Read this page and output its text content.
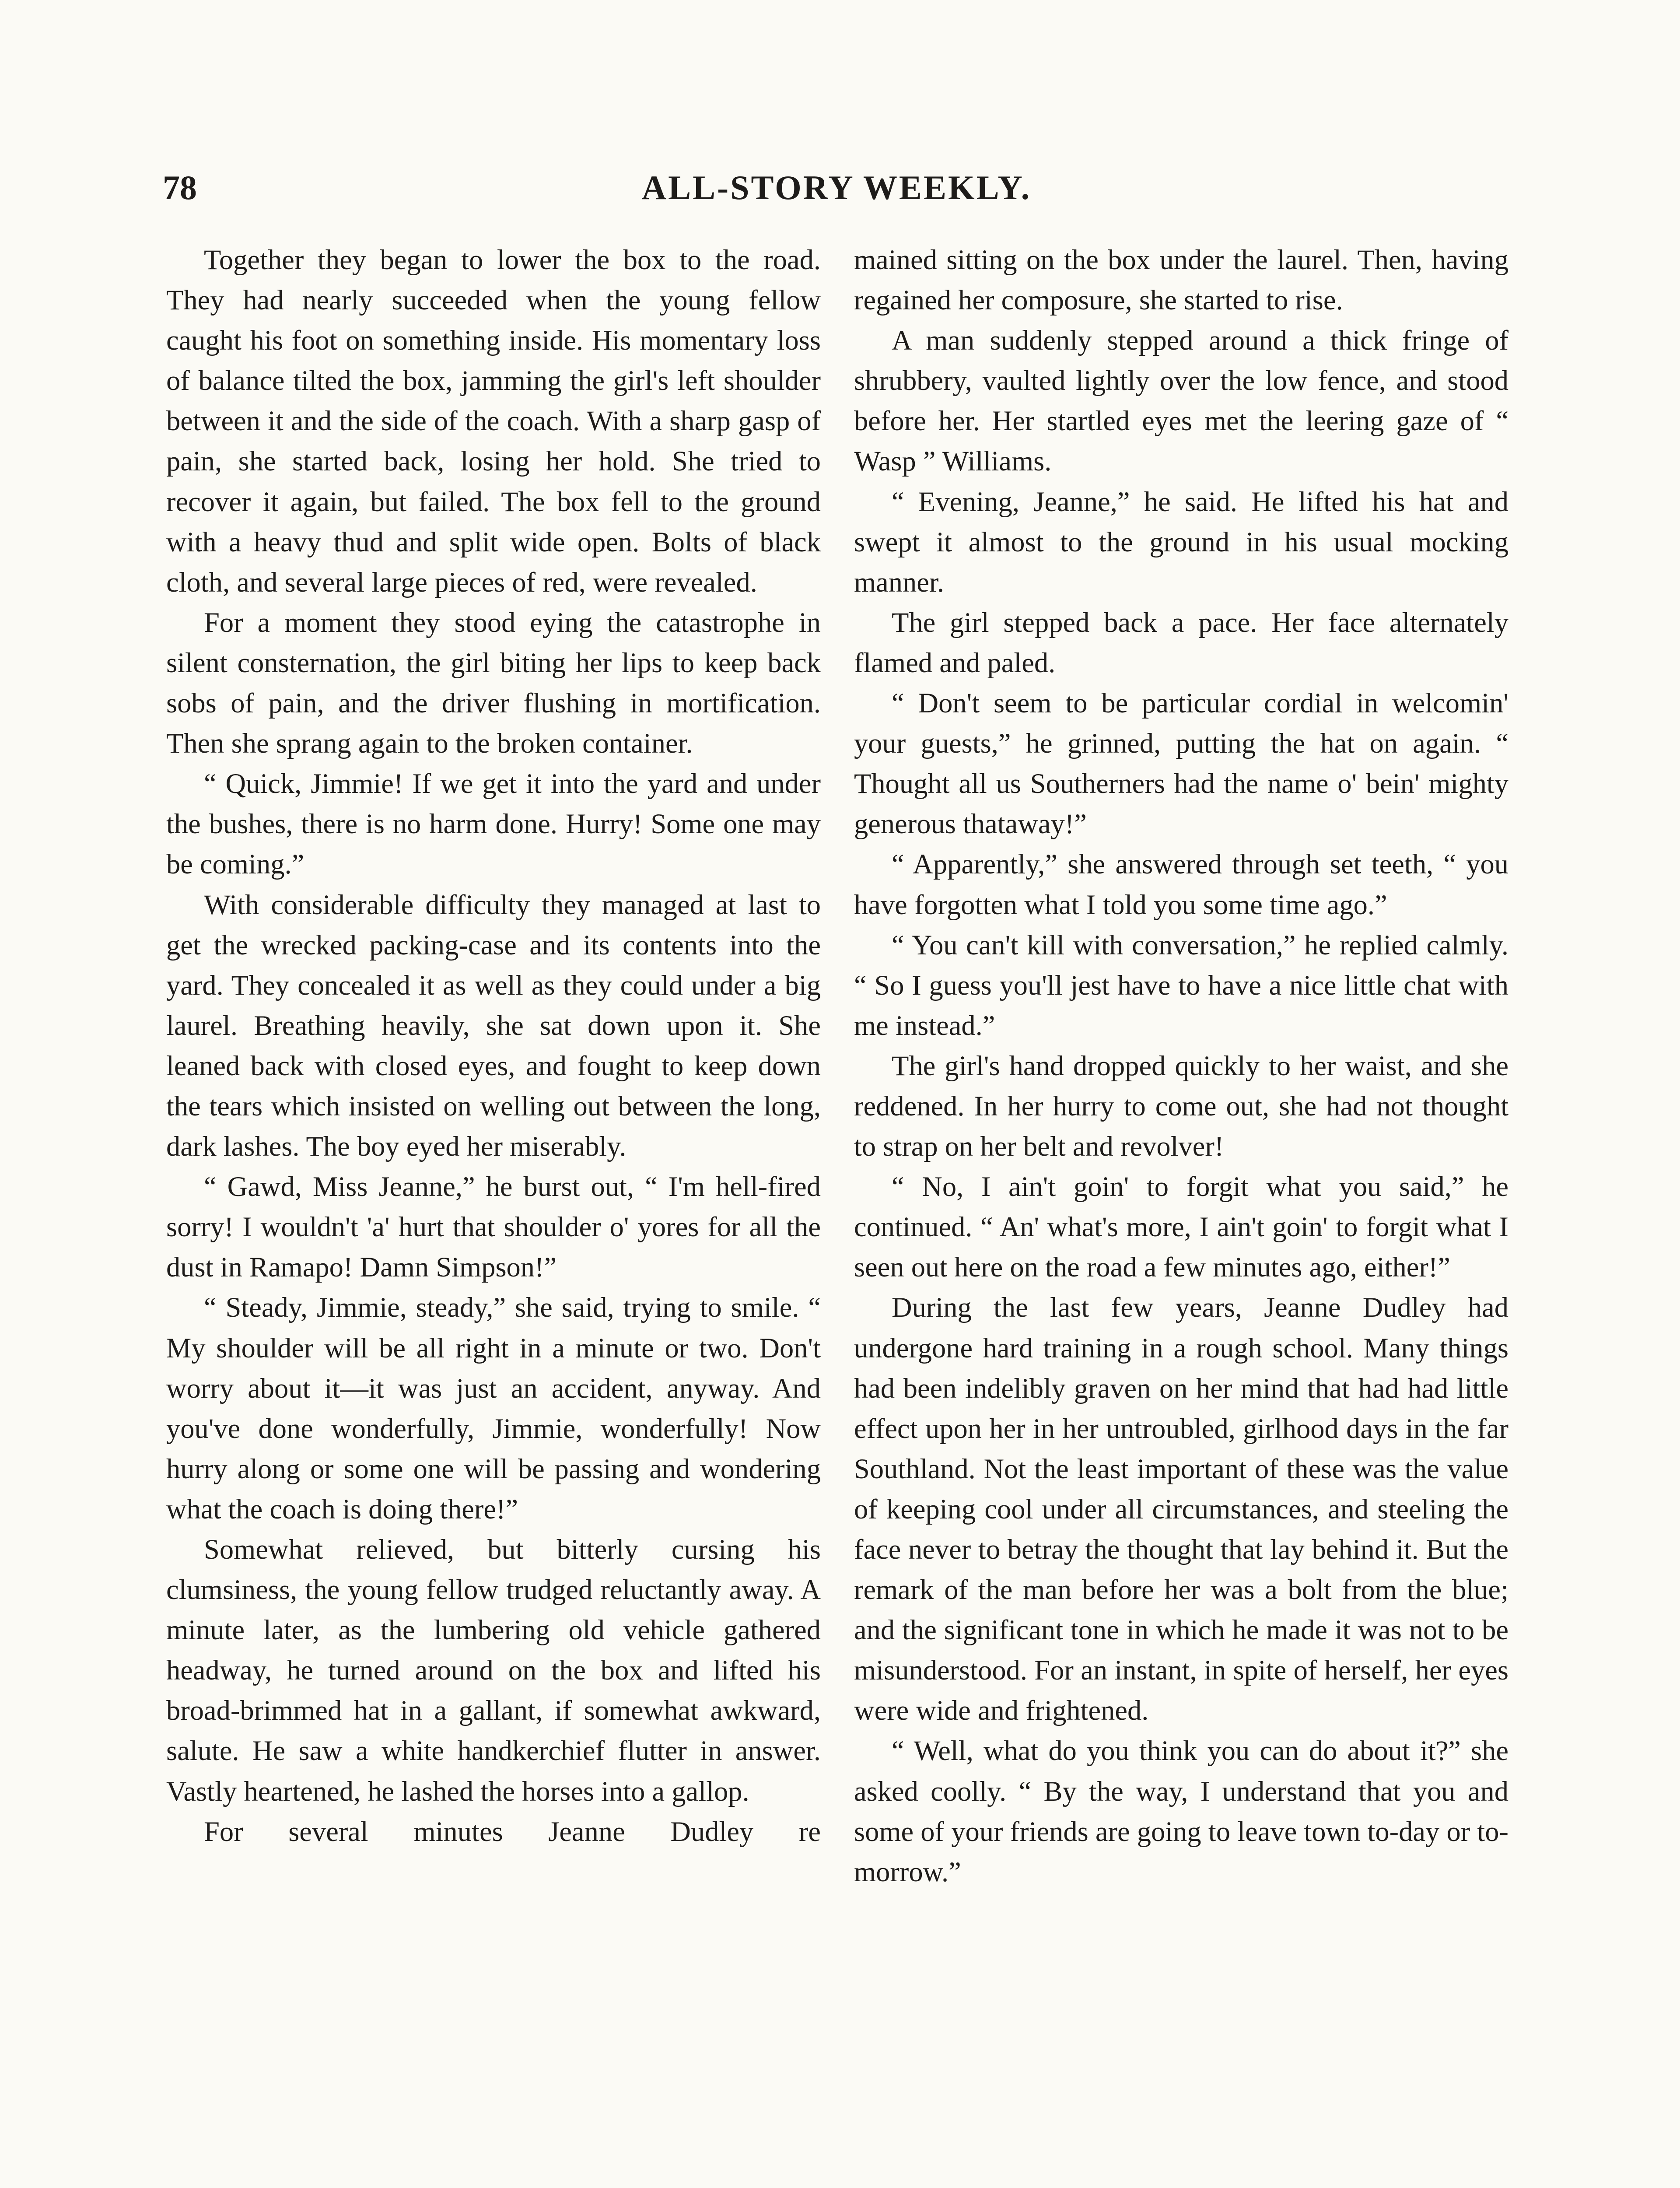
78	ALL-STORY WEEKLY.

Together they began to lower the box to the road. They had nearly succeeded when the young fellow caught his foot on something inside. His momentary loss of balance tilted the box, jamming the girl's left shoulder between it and the side of the coach. With a sharp gasp of pain, she started back, losing her hold. She tried to recover it again, but failed. The box fell to the ground with a heavy thud and split wide open. Bolts of black cloth, and several large pieces of red, were revealed.

For a moment they stood eying the catastrophe in silent consternation, the girl biting her lips to keep back sobs of pain, and the driver flushing in mortification. Then she sprang again to the broken container.

“ Quick, Jimmie! If we get it into the yard and under the bushes, there is no harm done. Hurry! Some one may be coming.”

With considerable difficulty they managed at last to get the wrecked packing-case and its contents into the yard. They concealed it as well as they could under a big laurel. Breathing heavily, she sat down upon it. She leaned back with closed eyes, and fought to keep down the tears which insisted on welling out between the long, dark lashes. The boy eyed her miserably.

“ Gawd, Miss Jeanne,” he burst out, “ I'm hell-fired sorry! I wouldn't 'a' hurt that shoulder o' yores for all the dust in Ramapo! Damn Simpson!”

“ Steady, Jimmie, steady,” she said, trying to smile. “ My shoulder will be all right in a minute or two. Don't worry about it—it was just an accident, anyway. And you've done wonderfully, Jimmie, wonderfully! Now hurry along or some one will be passing and wondering what the coach is doing there!”

Somewhat relieved, but bitterly cursing his clumsiness, the young fellow trudged reluctantly away. A minute later, as the lumbering old vehicle gathered headway, he turned around on the box and lifted his broad-brimmed hat in a gallant, if somewhat awkward, salute. He saw a white handkerchief flutter in answer. Vastly heartened, he lashed the horses into a gallop.

For several minutes Jeanne Dudley re

mained sitting on the box under the laurel. Then, having regained her composure, she started to rise.

A man suddenly stepped around a thick fringe of shrubbery, vaulted lightly over the low fence, and stood before her. Her startled eyes met the leering gaze of “ Wasp ” Williams.

“ Evening, Jeanne,” he said. He lifted his hat and swept it almost to the ground in his usual mocking manner.

The girl stepped back a pace. Her face alternately flamed and paled.

“ Don't seem to be particular cordial in welcomin' your guests,” he grinned, putting the hat on again. “ Thought all us Southerners had the name o' bein' mighty generous thataway!”

“ Apparently,” she answered through set teeth, “ you have forgotten what I told you some time ago.”

“ You can't kill with conversation,” he replied calmly. “ So I guess you'll jest have to have a nice little chat with me instead.”

The girl's hand dropped quickly to her waist, and she reddened. In her hurry to come out, she had not thought to strap on her belt and revolver!

“ No, I ain't goin' to forgit what you said,” he continued. “ An' what's more, I ain't goin' to forgit what I seen out here on the road a few minutes ago, either!”

During the last few years, Jeanne Dudley had undergone hard training in a rough school. Many things had been indelibly graven on her mind that had had little effect upon her in her untroubled, girlhood days in the far Southland. Not the least important of these was the value of keeping cool under all circumstances, and steeling the face never to betray the thought that lay behind it. But the remark of the man before her was a bolt from the blue; and the significant tone in which he made it was not to be misunderstood. For an instant, in spite of herself, her eyes were wide and frightened.

“ Well, what do you think you can do about it?” she asked coolly. “ By the way, I understand that you and some of your friends are going to leave town to-day or to-morrow.”
